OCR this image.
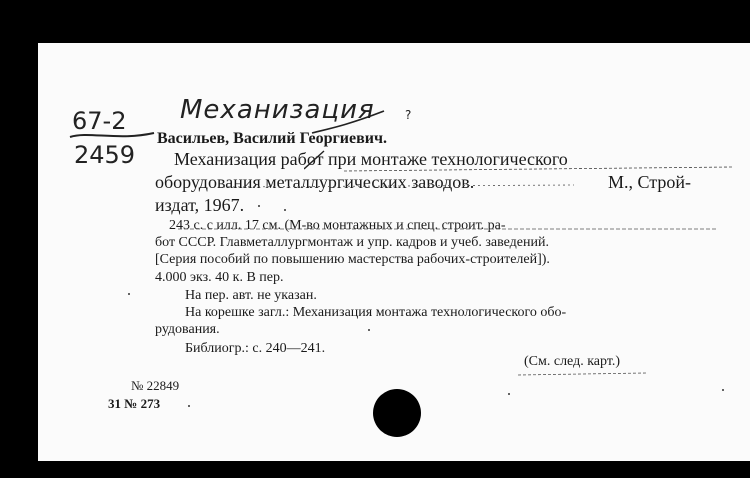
67-2
2459
Механизация	?
Васильев, Василий Георгиевич.
Механизация работ при монтаже технологического
оборудования металлургических заводов.	М., Строй-
издат, 1967.
243 с. с илл. 17 см. (М-во монтажных и спец. строит. ра-
бот СССР. Главметаллургмонтаж и упр. кадров и учеб. заведений.
[Серия пособий по повышению мастерства рабочих-строителей]).
4.000 экз. 40 к. В пер.
На пер. авт. не указан.
На корешке загл.: Механизация монтажа технологического обо-
рудования.
Библиогр.: с. 240—241.
(См. след. карт.)
№ 22849
31 № 273
